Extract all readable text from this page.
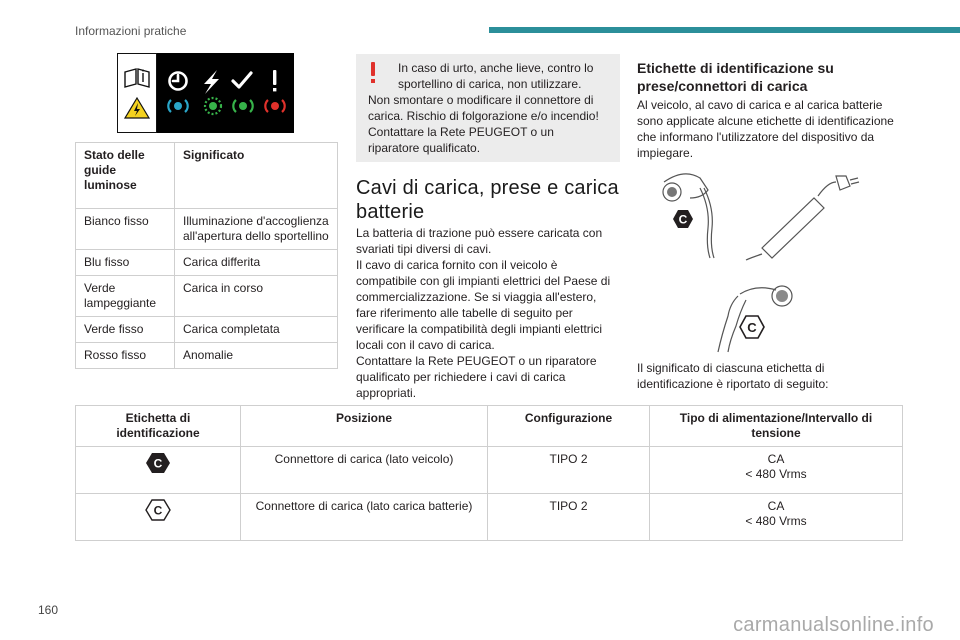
Informazioni pratiche
Stato delle guide luminose	Significato
Bianco fisso	Illuminazione d'accoglienza all'apertura dello sportellino
Blu fisso	Carica differita
Verde lampeggiante	Carica in corso
Verde fisso	Carica completata
Rosso fisso	Anomalie
In caso di urto, anche lieve, contro lo sportellino di carica, non utilizzare.
Non smontare o modificare il connettore di carica. Rischio di folgorazione e/o incendio! Contattare la Rete PEUGEOT o un riparatore qualificato.
Cavi di carica, prese e carica batterie
La batteria di trazione può essere caricata con svariati tipi diversi di cavi.
Il cavo di carica fornito con il veicolo è compatibile con gli impianti elettrici del Paese di commercializzazione. Se si viaggia all'estero, fare riferimento alle tabelle di seguito per verificare la compatibilità degli impianti elettrici locali con il cavo di carica.
Contattare la Rete PEUGEOT o un riparatore qualificato per richiedere i cavi di carica appropriati.
Etichette di identificazione su prese/connettori di carica
Al veicolo, al cavo di carica e al carica batterie sono applicate alcune etichette di identificazione che informano l'utilizzatore del dispositivo da impiegare.
C
C
Il significato di ciascuna etichetta di identificazione è riportato di seguito:
Etichetta di identificazione	Posizione	Configurazione	Tipo di alimentazione/Intervallo di tensione

C	Connettore di carica (lato veicolo)	TIPO 2	CA
< 480 Vrms

C	Connettore di carica (lato carica batterie)	TIPO 2	CA
< 480 Vrms
160
carmanualsonline.info
